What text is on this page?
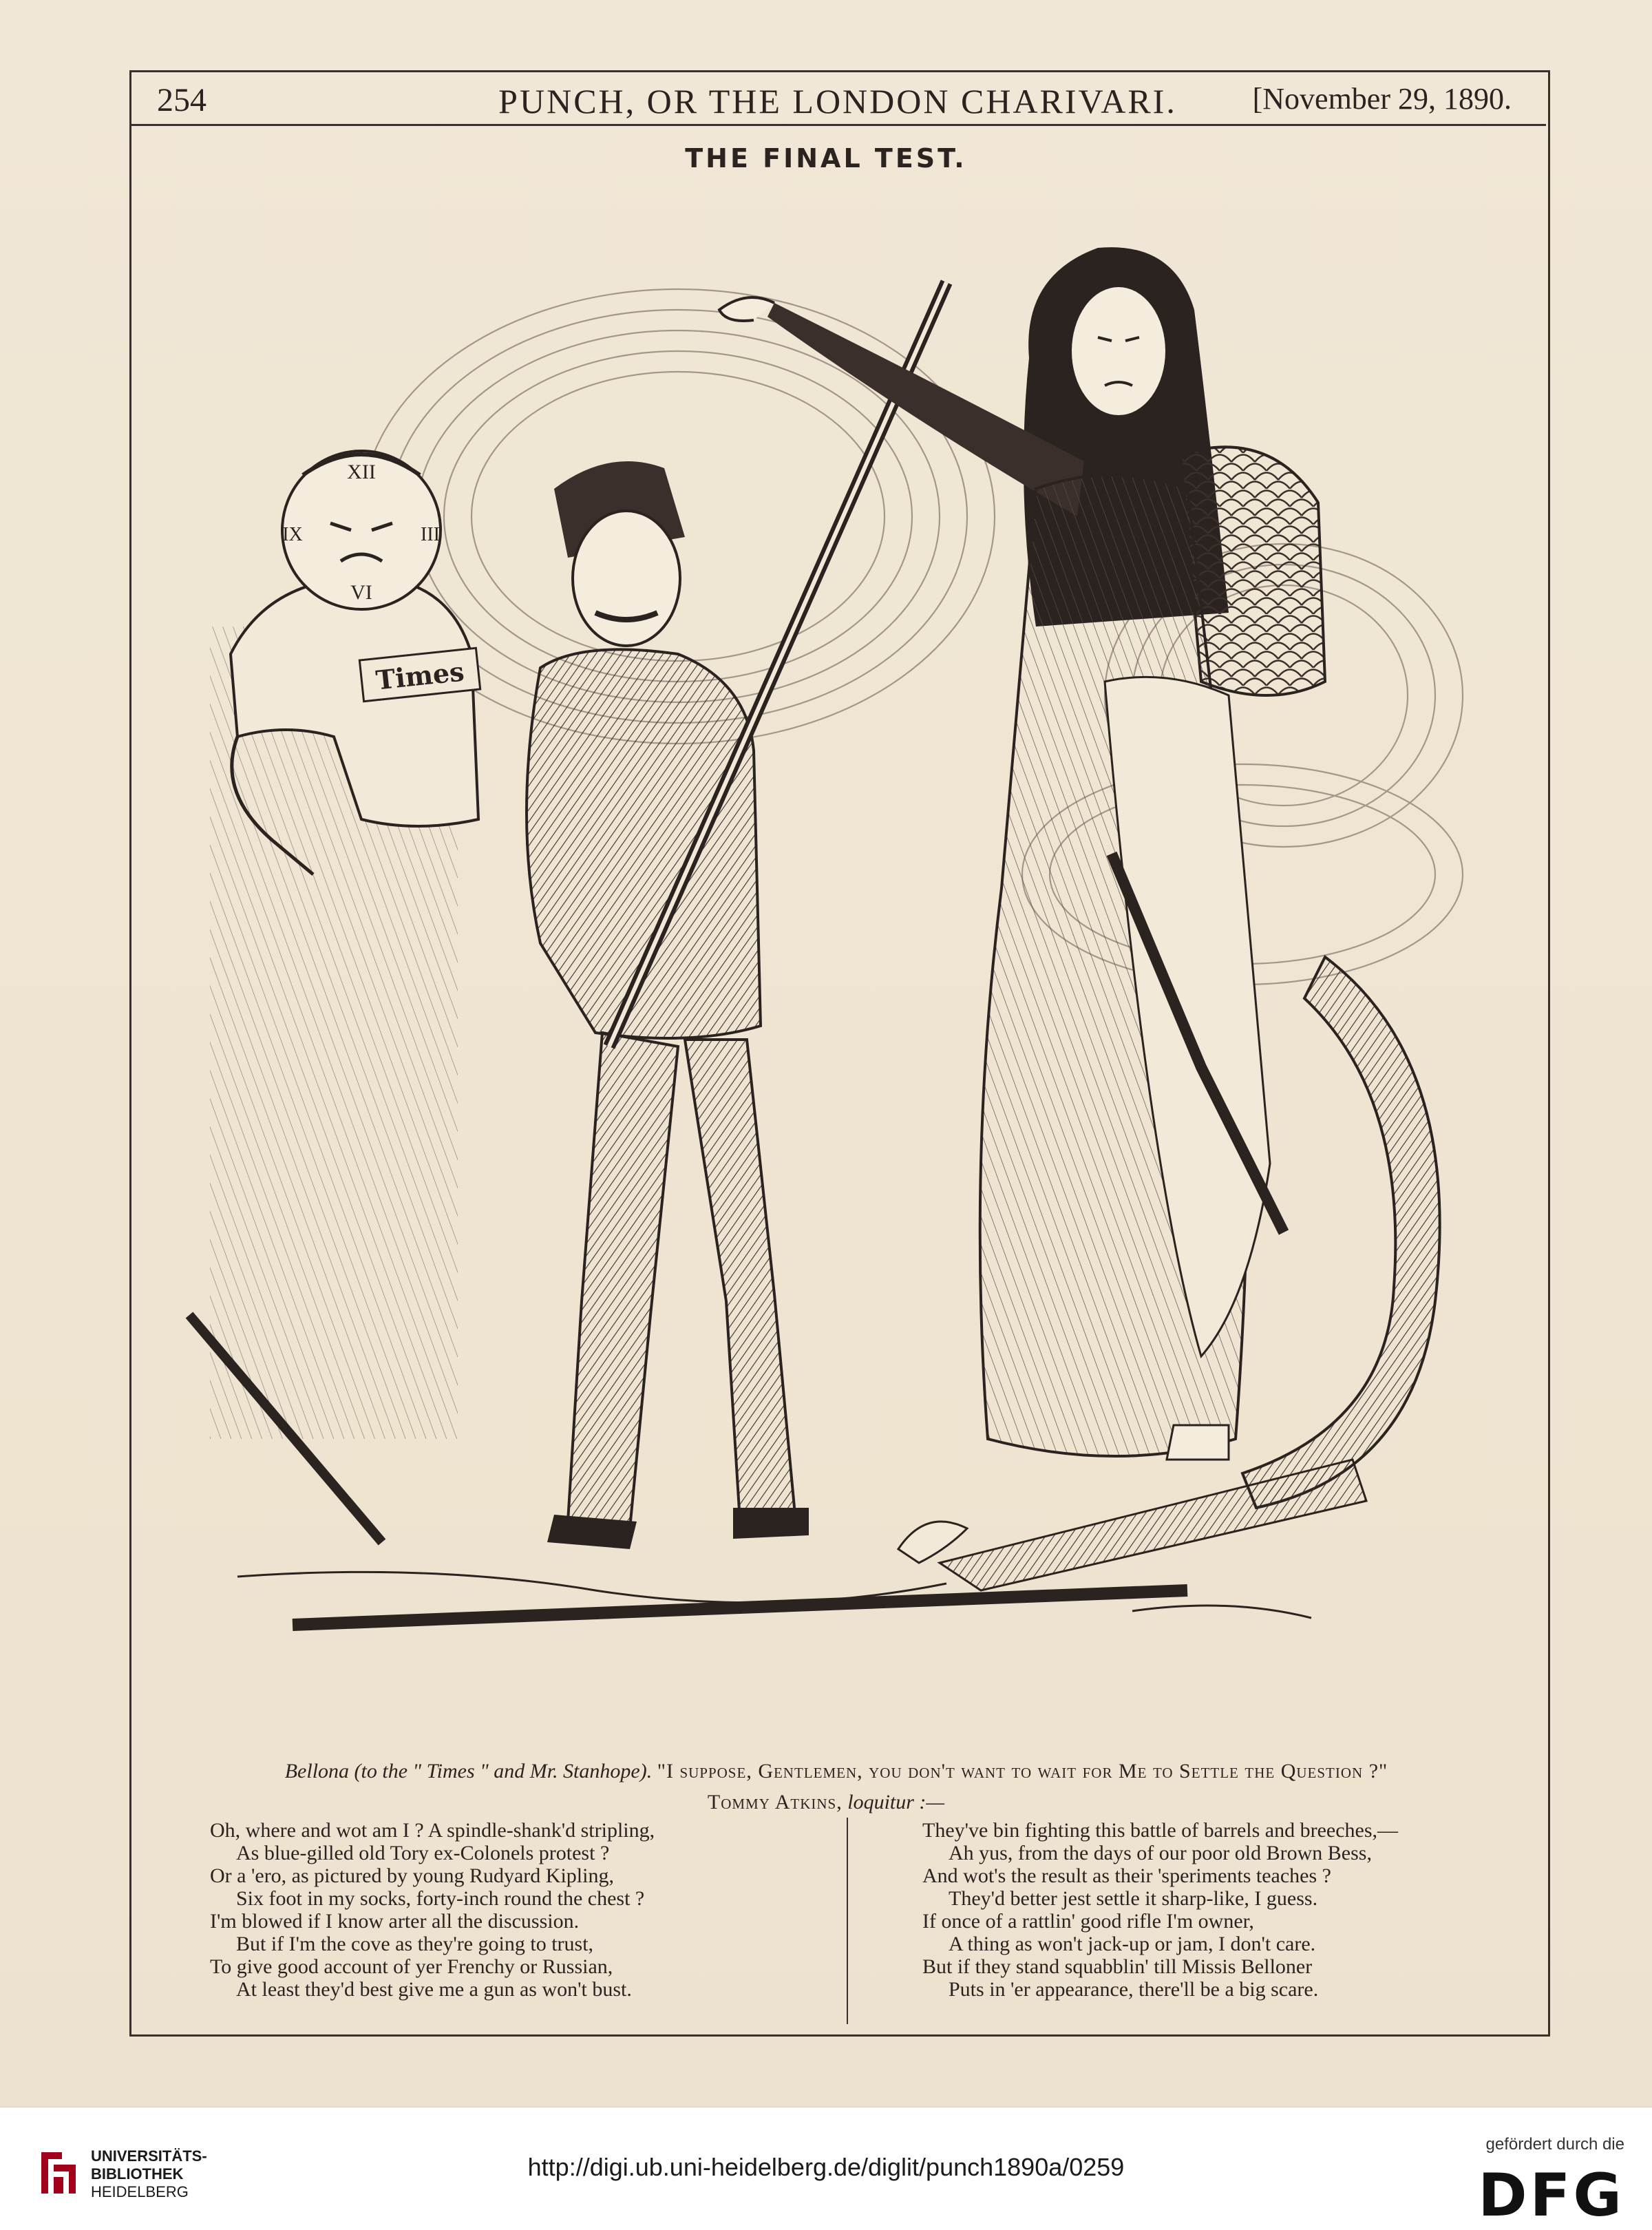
254	PUNCH, OR THE LONDON CHARIVARI.	[November 29, 1890.
THE FINAL TEST.
XII
VI
IX	III
Times
Bellona (to the " Times " and Mr. Stanhope). "I suppose, Gentlemen, you don't want to wait for Me to Settle the Question ?"
Tommy Atkins, loquitur :—
Oh, where and wot am I ? A spindle-shank'd stripling,
As blue-gilled old Tory ex-Colonels protest ?
Or a 'ero, as pictured by young Rudyard Kipling,
Six foot in my socks, forty-inch round the chest ?
I'm blowed if I know arter all the discussion.
But if I'm the cove as they're going to trust,
To give good account of yer Frenchy or Russian,
At least they'd best give me a gun as won't bust.
They've bin fighting this battle of barrels and breeches,—
Ah yus, from the days of our poor old Brown Bess,
And wot's the result as their 'speriments teaches ?
They'd better jest settle it sharp-like, I guess.
If once of a rattlin' good rifle I'm owner,
A thing as won't jack-up or jam, I don't care.
But if they stand squabblin' till Missis Belloner
Puts in 'er appearance, there'll be a big scare.
UNIVERSITÄTS-
BIBLIOTHEK
HEIDELBERG
http://digi.ub.uni-heidelberg.de/diglit/punch1890a/0259
gefördert durch die
DFG
